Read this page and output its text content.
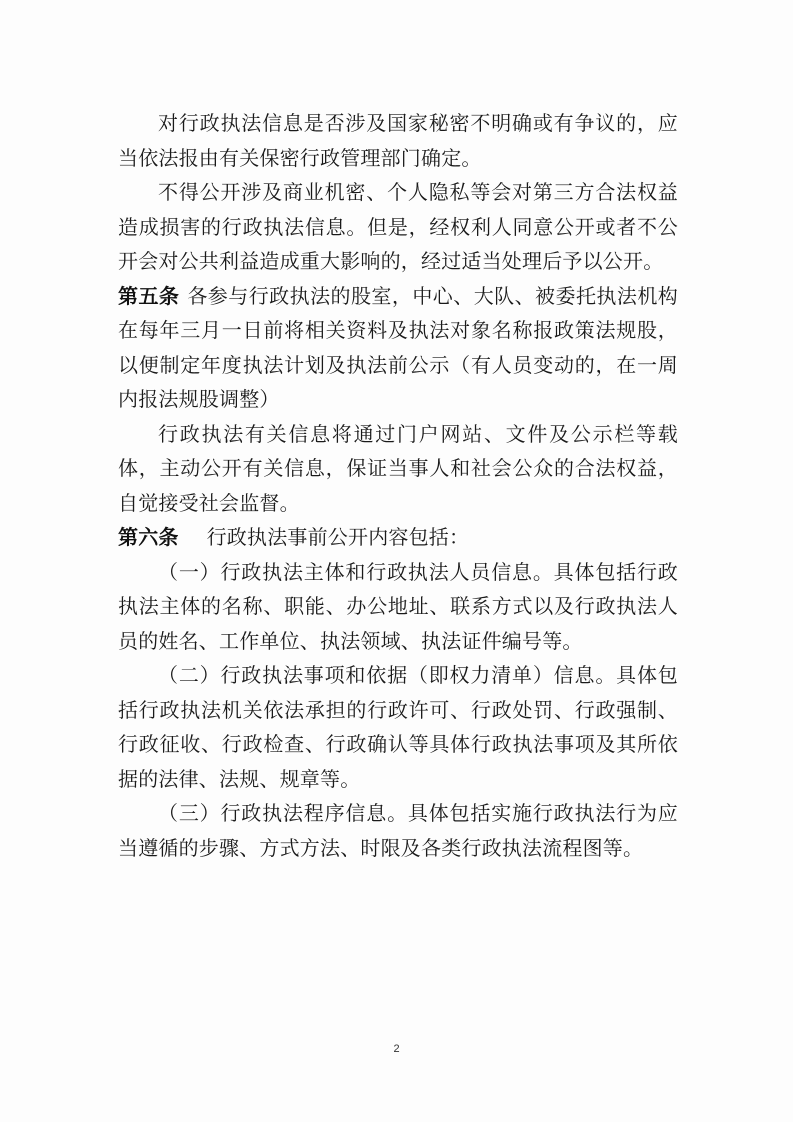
对行政执法信息是否涉及国家秘密不明确或有争议的，应当依法报由有关保密行政管理部门确定。

不得公开涉及商业机密、个人隐私等会对第三方合法权益造成损害的行政执法信息。但是，经权利人同意公开或者不公开会对公共利益造成重大影响的，经过适当处理后予以公开。

第五条 各参与行政执法的股室，中心、大队、被委托执法机构在每年三月一日前将相关资料及执法对象名称报政策法规股，以便制定年度执法计划及执法前公示（有人员变动的，在一周内报法规股调整）

行政执法有关信息将通过门户网站、文件及公示栏等载体，主动公开有关信息，保证当事人和社会公众的合法权益，自觉接受社会监督。

第六条 行政执法事前公开内容包括：

（一）行政执法主体和行政执法人员信息。具体包括行政执法主体的名称、职能、办公地址、联系方式以及行政执法人员的姓名、工作单位、执法领域、执法证件编号等。

（二）行政执法事项和依据（即权力清单）信息。具体包括行政执法机关依法承担的行政许可、行政处罚、行政强制、行政征收、行政检查、行政确认等具体行政执法事项及其所依据的法律、法规、规章等。

（三）行政执法程序信息。具体包括实施行政执法行为应当遵循的步骤、方式方法、时限及各类行政执法流程图等。

2
